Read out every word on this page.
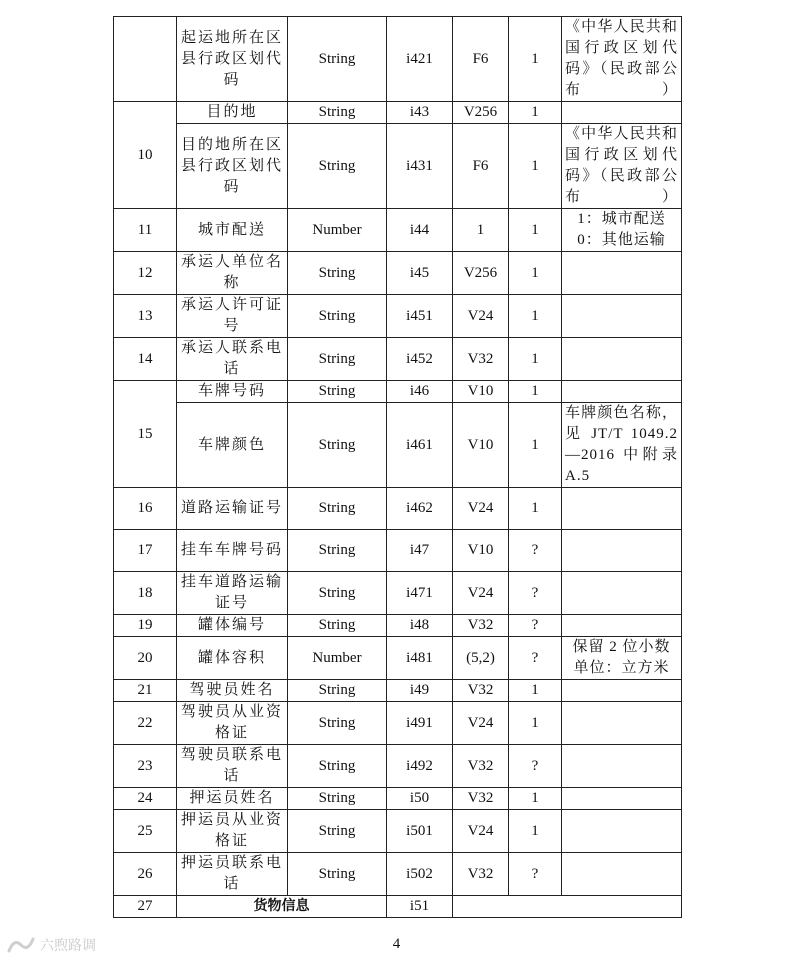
	起运地所在区县行政区划代码	String	i421	F6	1	《中华人民共和国行政区划代码》（民政部公布）
10	目的地	String	i43	V256	1	
	目的地所在区县行政区划代码	String	i431	F6	1	《中华人民共和国行政区划代码》（民政部公布）
11	城市配送	Number	i44	1	1	1：城市配送
0：其他运输

12	承运人单位名称	String	i45	V256	1	
13	承运人许可证号	String	i451	V24	1	
14	承运人联系电话	String	i452	V32	1	
15	车牌号码	String	i46	V10	1	
	车牌颜色	String	i461	V10	1	车牌颜色名称，见 JT/T 1049.2—2016 中附录 A.5
16	道路运输证号	String	i462	V24	1	
17	挂车车牌号码	String	i47	V10	?	
18	挂车道路运输证号	String	i471	V24	?	
19	罐体编号	String	i48	V32	?	
20	罐体容积	Number	i481	(5,2)	?	保留 2 位小数
单位：立方米

21	驾驶员姓名	String	i49	V32	1	
22	驾驶员从业资格证	String	i491	V24	1	
23	驾驶员联系电话	String	i492	V32	?	
24	押运员姓名	String	i50	V32	1	
25	押运员从业资格证	String	i501	V24	1	
26	押运员联系电话	String	i502	V32	?	
27	货物信息		i51			
六煦路调	4
